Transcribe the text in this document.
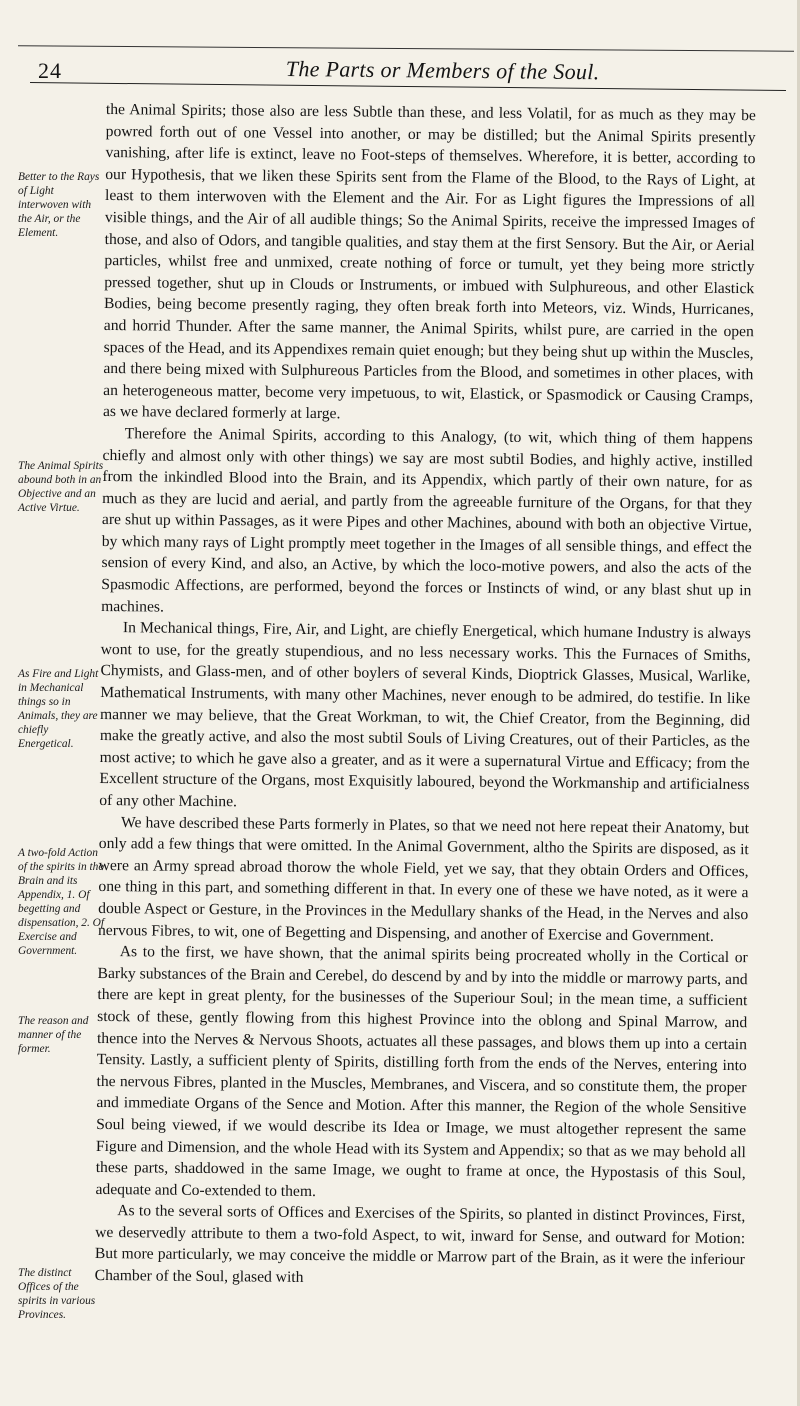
24	The Parts or Members of the Soul.
Better to the Rays of Light interwoven with the Air, or the Element.
The Animal Spirits abound both in an Objective and an Active Virtue.
As Fire and Light in Mechanical things so in Animals, they are chiefly Energetical.
A two-fold Action of the spirits in the Brain and its Appendix, 1. Of begetting and dispensation, 2. Of Exercise and Government.
The reason and manner of the former.
The distinct Offices of the spirits in various Provinces.

the Animal Spirits; those also are less Subtle than these, and less Volatil, for as much as they may be powred forth out of one Vessel into another, or may be distilled; but the Animal Spirits presently vanishing, after life is extinct, leave no Foot-steps of themselves. Wherefore, it is better, according to our Hypothesis, that we liken these Spirits sent from the Flame of the Blood, to the Rays of Light, at least to them interwoven with the Element and the Air. For as Light figures the Impressions of all visible things, and the Air of all audible things; So the Animal Spirits, receive the impressed Images of those, and also of Odors, and tangible qualities, and stay them at the first Sensory. But the Air, or Aerial particles, whilst free and unmixed, create nothing of force or tumult, yet they being more strictly pressed together, shut up in Clouds or Instruments, or imbued with Sulphureous, and other Elastick Bodies, being become presently raging, they often break forth into Meteors, viz. Winds, Hurricanes, and horrid Thunder. After the same manner, the Animal Spirits, whilst pure, are carried in the open spaces of the Head, and its Appendixes remain quiet enough; but they being shut up within the Muscles, and there being mixed with Sulphureous Particles from the Blood, and sometimes in other places, with an heterogeneous matter, become very impetuous, to wit, Elastick, or Spasmodick or Causing Cramps, as we have declared formerly at large.

Therefore the Animal Spirits, according to this Analogy, (to wit, which thing of them happens chiefly and almost only with other things) we say are most subtil Bodies, and highly active, instilled from the inkindled Blood into the Brain, and its Appendix, which partly of their own nature, for as much as they are lucid and aerial, and partly from the agreeable furniture of the Organs, for that they are shut up within Passages, as it were Pipes and other Machines, abound with both an objective Virtue, by which many rays of Light promptly meet together in the Images of all sensible things, and effect the sension of every Kind, and also, an Active, by which the loco-motive powers, and also the acts of the Spasmodic Affections, are performed, beyond the forces or Instincts of wind, or any blast shut up in machines.

In Mechanical things, Fire, Air, and Light, are chiefly Energetical, which humane Industry is always wont to use, for the greatly stupendious, and no less necessary works. This the Furnaces of Smiths, Chymists, and Glass-men, and of other boylers of several Kinds, Dioptrick Glasses, Musical, Warlike, Mathematical Instruments, with many other Machines, never enough to be admired, do testifie. In like manner we may believe, that the Great Workman, to wit, the Chief Creator, from the Beginning, did make the greatly active, and also the most subtil Souls of Living Creatures, out of their Particles, as the most active; to which he gave also a greater, and as it were a supernatural Virtue and Efficacy; from the Excellent structure of the Organs, most Exquisitly laboured, beyond the Workmanship and artificialness of any other Machine.

We have described these Parts formerly in Plates, so that we need not here repeat their Anatomy, but only add a few things that were omitted. In the Animal Government, altho the Spirits are disposed, as it were an Army spread abroad thorow the whole Field, yet we say, that they obtain Orders and Offices, one thing in this part, and something different in that. In every one of these we have noted, as it were a double Aspect or Gesture, in the Provinces in the Medullary shanks of the Head, in the Nerves and also nervous Fibres, to wit, one of Begetting and Dispensing, and another of Exercise and Government.

As to the first, we have shown, that the animal spirits being procreated wholly in the Cortical or Barky substances of the Brain and Cerebel, do descend by and by into the middle or marrowy parts, and there are kept in great plenty, for the businesses of the Superiour Soul; in the mean time, a sufficient stock of these, gently flowing from this highest Province into the oblong and Spinal Marrow, and thence into the Nerves & Nervous Shoots, actuates all these passages, and blows them up into a certain Tensity. Lastly, a sufficient plenty of Spirits, distilling forth from the ends of the Nerves, entering into the nervous Fibres, planted in the Muscles, Membranes, and Viscera, and so constitute them, the proper and immediate Organs of the Sence and Motion. After this manner, the Region of the whole Sensitive Soul being viewed, if we would describe its Idea or Image, we must altogether represent the same Figure and Dimension, and the whole Head with its System and Appendix; so that as we may behold all these parts, shaddowed in the same Image, we ought to frame at once, the Hypostasis of this Soul, adequate and Co-extended to them.

As to the several sorts of Offices and Exercises of the Spirits, so planted in distinct Provinces, First, we deservedly attribute to them a two-fold Aspect, to wit, inward for Sense, and outward for Motion: But more particularly, we may conceive the middle or Marrow part of the Brain, as it were the inferiour Chamber of the Soul, glased with
